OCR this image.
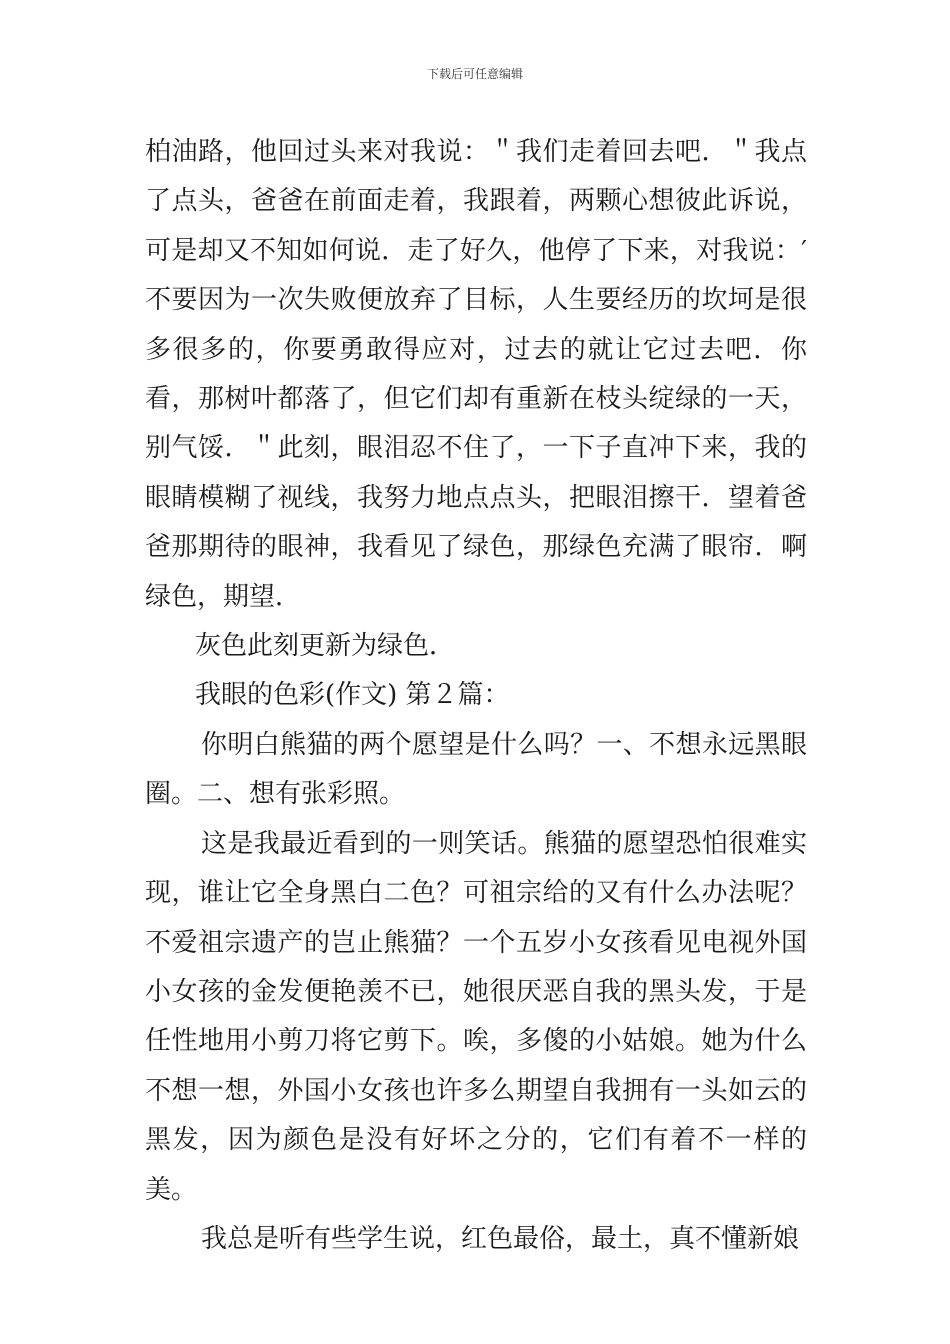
下载后可任意编辑

柏油路，他回过头来对我说：＂我们走着回去吧．＂我点了点头，爸爸在前面走着，我跟着，两颗心想彼此诉说，可是却又不知如何说．走了好久，他停了下来，对我说：′不要因为一次失败便放弃了目标，人生要经历的坎坷是很多很多的，你要勇敢得应对，过去的就让它过去吧．你看，那树叶都落了，但它们却有重新在枝头绽绿的一天，别气馁．＂此刻，眼泪忍不住了，一下子直冲下来，我的眼睛模糊了视线，我努力地点点头，把眼泪擦干．望着爸爸那期待的眼神，我看见了绿色，那绿色充满了眼帘．啊绿色，期望．

灰色此刻更新为绿色．

我眼的色彩(作文) 第２篇：

你明白熊猫的两个愿望是什么吗？一、不想永远黑眼圈。二、想有张彩照。

这是我最近看到的一则笑话。熊猫的愿望恐怕很难实现，谁让它全身黑白二色？可祖宗给的又有什么办法呢？不爱祖宗遗产的岂止熊猫？一个五岁小女孩看见电视外国小女孩的金发便艳羡不已，她很厌恶自我的黑头发，于是任性地用小剪刀将它剪下。唉，多傻的小姑娘。她为什么不想一想，外国小女孩也许多么期望自我拥有一头如云的黑发，因为颜色是没有好坏之分的，它们有着不一样的美。

我总是听有些学生说，红色最俗，最土，真不懂新娘
